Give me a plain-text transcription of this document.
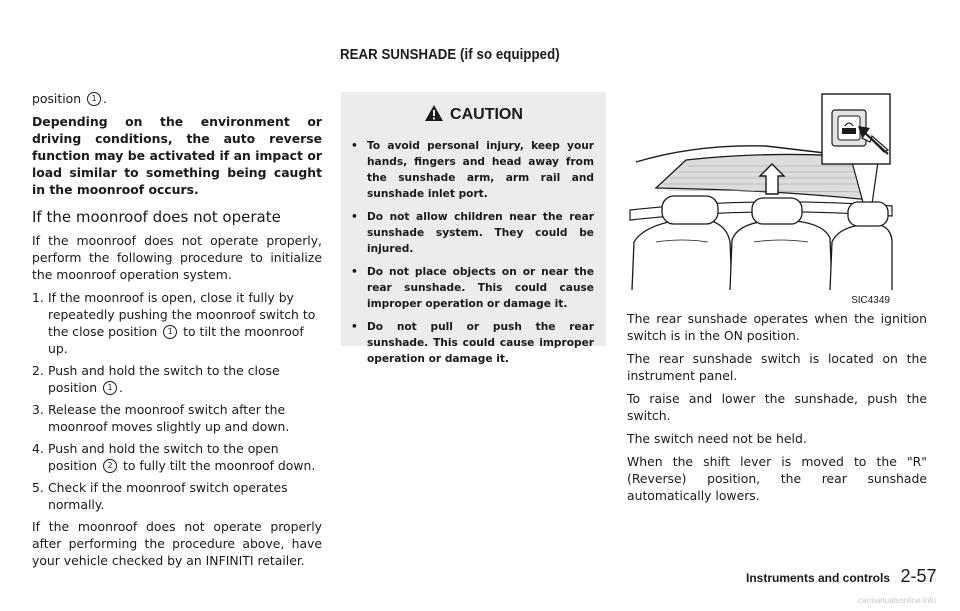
REAR SUNSHADE (if so equipped)

position 1 .

Depending on the environment or driving conditions, the auto reverse function may be activated if an impact or load similar to something being caught in the moonroof occurs.

If the moonroof does not operate

If the moonroof does not operate properly, perform the following procedure to initialize the moonroof operation system.

1. If the moonroof is open, close it fully by repeatedly pushing the moonroof switch to the close position 1 to tilt the moonroof up.
2. Push and hold the switch to the close position 1 .
3. Release the moonroof switch after the moonroof moves slightly up and down.
4. Push and hold the switch to the open position 2 to fully tilt the moonroof down.
5. Check if the moonroof switch operates normally.

If the moonroof does not operate properly after performing the procedure above, have your vehicle checked by an INFINITI retailer.

CAUTION
• To avoid personal injury, keep your hands, fingers and head away from the sunshade arm, arm rail and sunshade inlet port.
• Do not allow children near the rear sunshade system. They could be injured.
• Do not place objects on or near the rear sunshade. This could cause improper operation or damage it.
• Do not pull or push the rear sunshade. This could cause improper operation or damage it.
SIC4349

The rear sunshade operates when the ignition switch is in the ON position.

The rear sunshade switch is located on the instrument panel.

To raise and lower the sunshade, push the switch.

The switch need not be held.

When the shift lever is moved to the "R" (Reverse) position, the rear sunshade automatically lowers.

Instruments and controls 2-57
carmanualsonline.info
